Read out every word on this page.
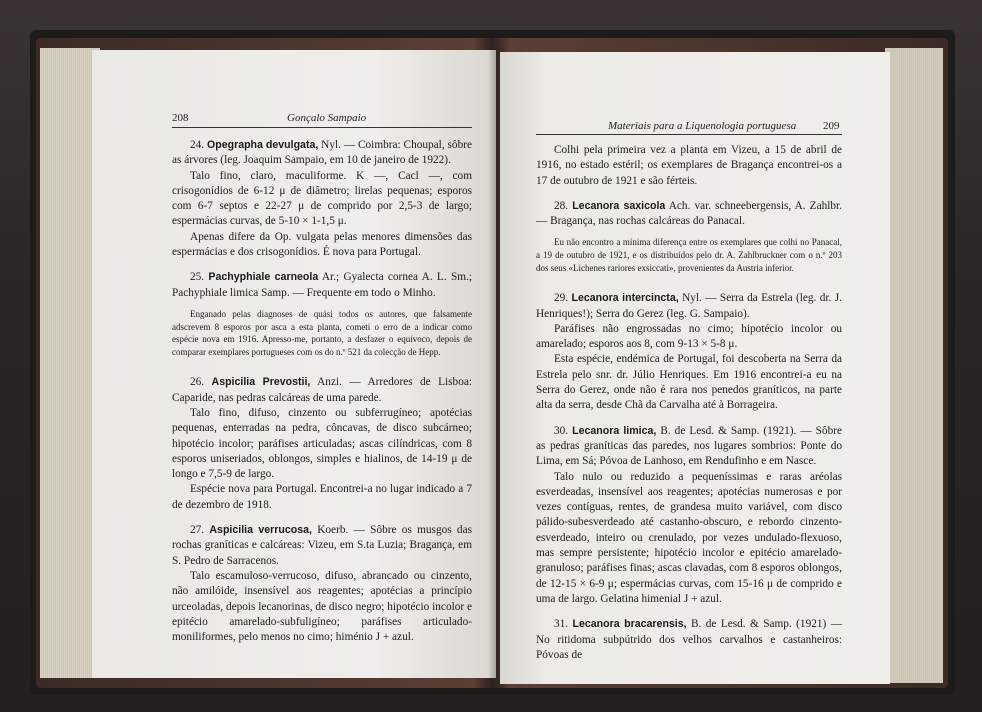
208	Gonçalo Sampaio

24. Opegrapha devulgata, Nyl. — Coimbra: Choupal, sôbre as árvores (leg. Joaquim Sampaio, em 10 de janeiro de 1922).

Talo fino, claro, maculiforme. K —, Cacl —, com crisogonídios de 6-12 μ de diâmetro; lirelas pequenas; esporos com 6-7 septos e 22-27 μ de comprido por 2,5-3 de largo; espermácias curvas, de 5-10 × 1-1,5 μ.

Apenas difere da Op. vulgata pelas menores dimensões das espermácias e dos crisogonídios. É nova para Portugal.

25. Pachyphiale carneola Ar.; Gyalecta cornea A. L. Sm.; Pachyphiale limica Samp. — Frequente em todo o Minho.

Enganado pelas diagnoses de quási todos os autores, que falsamente adscrevem 8 esporos por asca a esta planta, cometi o erro de a indicar como espécie nova em 1916. Apresso-me, portanto, a desfazer o equívoco, depois de comparar exemplares portugueses com os do n.º 521 da colecção de Hepp.

26. Aspicilia Prevostii, Anzi. — Arredores de Lisboa: Caparide, nas pedras calcáreas de uma parede.

Talo fino, difuso, cinzento ou subferrugíneo; apotécias pequenas, enterradas na pedra, côncavas, de disco subcárneo; hipotécio incolor; paráfises articuladas; ascas cilíndricas, com 8 esporos uniseriados, oblongos, simples e hialinos, de 14-19 μ de longo e 7,5-9 de largo.

Espécie nova para Portugal. Encontrei-a no lugar indicado a 7 de dezembro de 1918.

27. Aspicilia verrucosa, Koerb. — Sôbre os musgos das rochas graníticas e calcáreas: Vizeu, em S.ta Luzia; Bragança, em S. Pedro de Sarracenos.

Talo escamuloso-verrucoso, difuso, abrancado ou cinzento, não amilóide, insensível aos reagentes; apotécias a princípio urceoladas, depois lecanorinas, de disco negro; hipotécio incolor e epitécio amarelado-subfuligíneo; paráfises articulado-moniliformes, pelo menos no cimo; himénio J + azul.

Materiais para a Liquenologia portuguesa 209

Colhi pela primeira vez a planta em Vizeu, a 15 de abril de 1916, no estado estéril; os exemplares de Bragança encontrei-os a 17 de outubro de 1921 e são férteis.

28. Lecanora saxicola Ach. var. schneebergensis, A. Zahlbr. — Bragança, nas rochas calcáreas do Panacal.

Eu não encontro a mínima diferença entre os exemplares que colhi no Panacal, a 19 de outubro de 1921, e os distribuídos pelo dr. A. Zahlbruckner com o n.º 203 dos seus «Lichenes rariores exsiccati», provenientes da Austria inferior.

29. Lecanora intercincta, Nyl. — Serra da Estrela (leg. dr. J. Henriques!); Serra do Gerez (leg. G. Sampaio).

Paráfises não engrossadas no cimo; hipotécio incolor ou amarelado; esporos aos 8, com 9-13 × 5-8 μ.

Esta espécie, endémica de Portugal, foi descoberta na Serra da Estrela pelo snr. dr. Júlio Henriques. Em 1916 encontrei-a eu na Serra do Gerez, onde não é rara nos penedos graníticos, na parte alta da serra, desde Chã da Carvalha até à Borrageira.

30. Lecanora limica, B. de Lesd. & Samp. (1921). — Sôbre as pedras graníticas das paredes, nos lugares sombrios: Ponte do Lima, em Sá; Póvoa de Lanhoso, em Rendufinho e em Nasce.

Talo nulo ou reduzido a pequeníssimas e raras aréolas esverdeadas, insensível aos reagentes; apotécias numerosas e por vezes contíguas, rentes, de grandesa muito variável, com disco pálido-subesverdeado até castanho-obscuro, e rebordo cinzento-esverdeado, inteiro ou crenulado, por vezes undulado-flexuoso, mas sempre persistente; hipotécio incolor e epitécio amarelado-granuloso; paráfises finas; ascas clavadas, com 8 esporos oblongos, de 12-15 × 6-9 μ; espermácias curvas, com 15-16 μ de comprido e uma de largo. Gelatina himenial J + azul.

31. Lecanora bracarensis, B. de Lesd. & Samp. (1921) — No ritidoma subpútrido dos velhos carvalhos e castanheiros: Póvoas de
